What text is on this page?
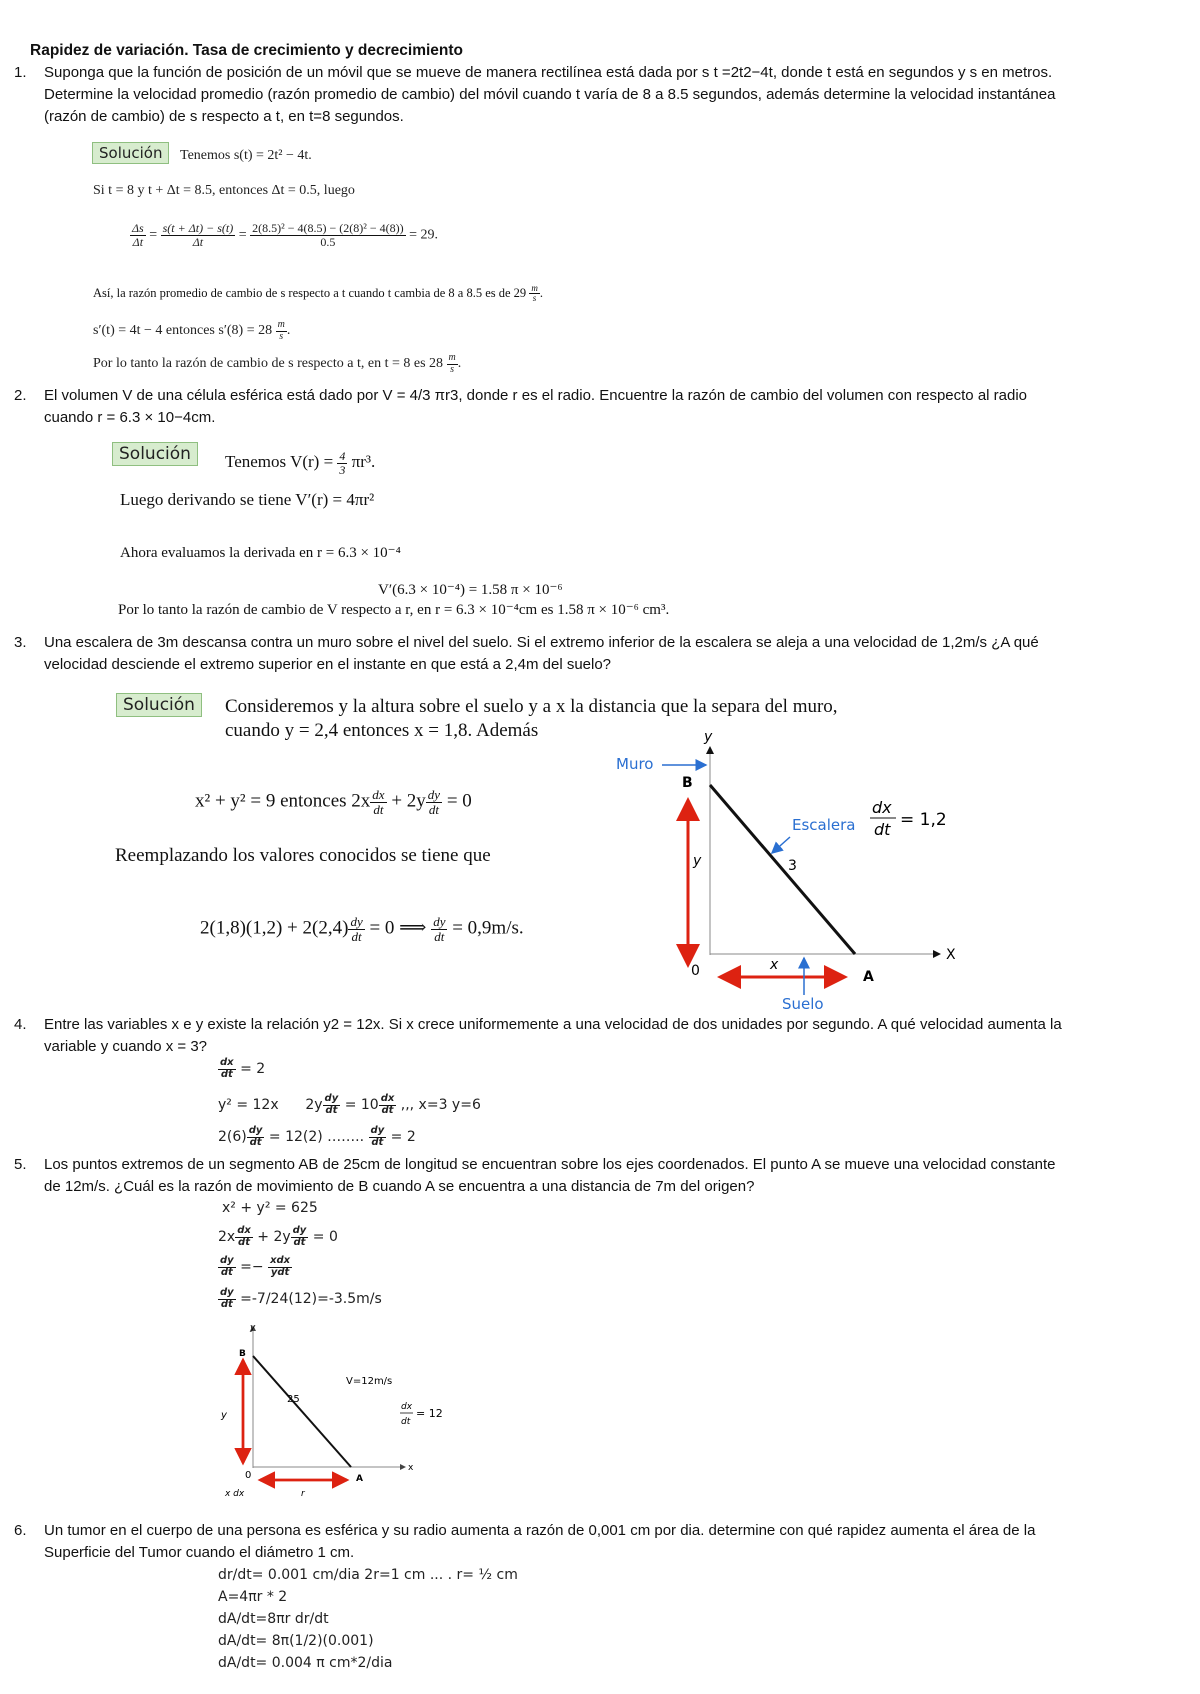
Rapidez de variación. Tasa de crecimiento y decrecimiento
1.	Suponga que la función de posición de un móvil que se mueve de manera rectilínea está dada por s t =2t2−4t, donde t está en segundos y s en metros. Determine la velocidad promedio (razón promedio de cambio) del móvil cuando t varía de 8 a 8.5 segundos, además determine la velocidad instantánea (razón de cambio) de s respecto a t, en t=8 segundos.
Solución	Tenemos s(t) = 2t² − 4t.
Si t = 8 y t + Δt = 8.5, entonces Δt = 0.5, luego
$\frac{\Delta s}{\Delta t} = \frac{s(t + \Delta t) - s(t)}{\Delta t} = \frac{\text{2(8.5)² − 4(8.5) − (2(8)² − 4(8))}}{0.5} = 29$.
Así, la razón promedio de cambio de s respecto a t cuando t cambia de 8 a 8.5 es de $29 \frac{m}{s}$ .
s′(t) = 4t − 4 entonces $s'(8) = 28 \frac{m}{s}$ .
Por lo tanto la razón de cambio de s respecto a t, en t = 8 es $28 \frac{m}{s}$ .
2.	El volumen V de una célula esférica está dado por V = 4/3 πr3, donde r es el radio. Encuentre la razón de cambio del volumen con respecto al radio cuando r = 6.3 × 10−4cm.
Solución	Tenemos $V(r) = \frac{4}{3} \pi r^3$.
Luego derivando se tiene V′(r) = 4πr²
Ahora evaluamos la derivada en r = 6.3 × 10⁻⁴
V′(6.3 × 10⁻⁴) = 1.58 π × 10⁻⁶
Por lo tanto la razón de cambio de V respecto a r, en r = 6.3 × 10⁻⁴cm es 1.58 π × 10⁻⁶ cm³.
3.	Una escalera de 3m descansa contra un muro sobre el nivel del suelo. Si el extremo inferior de la escalera se aleja a una velocidad de 1,2m/s ¿A qué velocidad desciende el extremo superior en el instante en que está a 2,4m del suelo?
Solución	Consideremos y la altura sobre el suelo y a x la distancia que la separa del muro,
cuando y = 2,4 entonces x = 1,8. Además
x² + y² = 9 entonces $2x \frac{dx}{dt} + 2y \frac{dy}{dt} = 0$
Reemplazando los valores conocidos se tiene que
$2(1,8)(1,2) + 2(2,4) \frac{dy}{dt} = 0$ ⟹ $\frac{dy}{dt} = 0,9m/s$.
Muro
B
y
Escalera
3
y
0	x
A
Suelo
X
dx
dt = 1,2
4.	Entre las variables x e y existe la relación y2 = 12x. Si x crece uniformemente a una velocidad de dos unidades por segundo. A qué velocidad aumenta la variable y cuando x = 3?
$\frac{dx}{dt} = 2$
y² = 12x $2y \frac{dy}{dt} = 10 \frac{dx}{dt}$ ,,, x=3 y=6
$2(6) \frac{dy}{dt} = 12(2)$ …….. $\frac{dy}{dt} = 2$
5.	Los puntos extremos de un segmento AB de 25cm de longitud se encuentran sobre los ejes coordenados. El punto A se mueve una velocidad constante de 12m/s. ¿Cuál es la razón de movimiento de B cuando A se encuentra a una distancia de 7m del origen?
x² + y² = 625
$2x \frac{dx}{dt} + 2y \frac{dy}{dt} = 0$
$\frac{dy}{dt} =- \frac{\text{xdx}}{\text{ydt}}$
$\frac{dy}{dt} =-7/24(12)=-3.5m/s$
y
B
y
25
V=12m/s
0
x
A
x dx	r
dx
dt
= 12
6.	Un tumor en el cuerpo de una persona es esférica y su radio aumenta a razón de 0,001 cm por dia. determine con qué rapidez aumenta el área de la Superficie del Tumor cuando el diámetro 1 cm.
dr/dt= 0.001 cm/dia 2r=1 cm ... . r= ½ cm
A=4πr * 2
dA/dt=8πr dr/dt
dA/dt= 8π(1/2)(0.001)
dA/dt= 0.004 π cm*2/dia
